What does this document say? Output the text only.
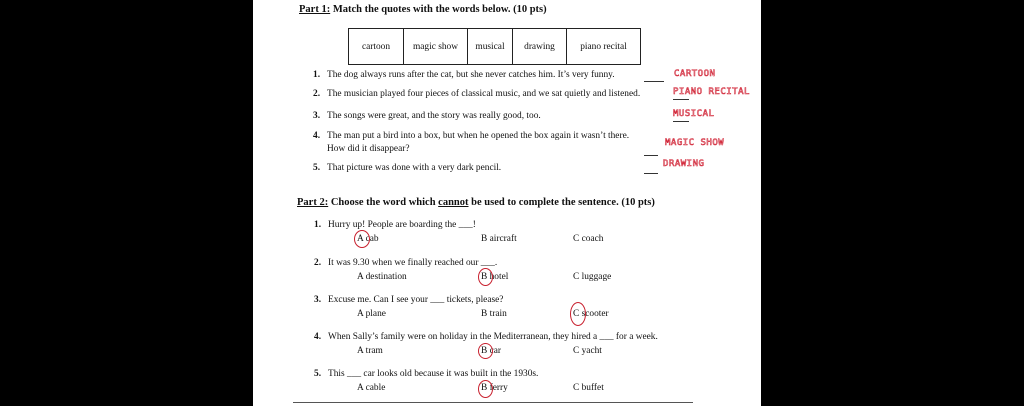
Part 1: Match the quotes with the words below. (10 pts)
cartoon	magic show	musical	drawing	piano recital
1. The dog always runs after the cat, but she never catches him. It’s very funny.
2. The musician played four pieces of classical music, and we sat quietly and listened.
3. The songs were great, and the story was really good, too.
4. The man put a bird into a box, but when he opened the box again it wasn’t there.
How did it disappear?
5. That picture was done with a very dark pencil.
CARTOON
PIANO RECITAL
MUSICAL
MAGIC SHOW
DRAWING
Part 2: Choose the word which cannot be used to complete the sentence. (10 pts)
1. Hurry up! People are boarding the ___!
A cab	B aircraft	C coach
2. It was 9.30 when we finally reached our ___.
A destination	B hotel	C luggage
3. Excuse me. Can I see your ___ tickets, please?
A plane	B train	C scooter
4. When Sally’s family were on holiday in the Mediterranean, they hired a ___ for a week.
A tram	B car	C yacht
5. This ___ car looks old because it was built in the 1930s.
A cable	B ferry	C buffet
